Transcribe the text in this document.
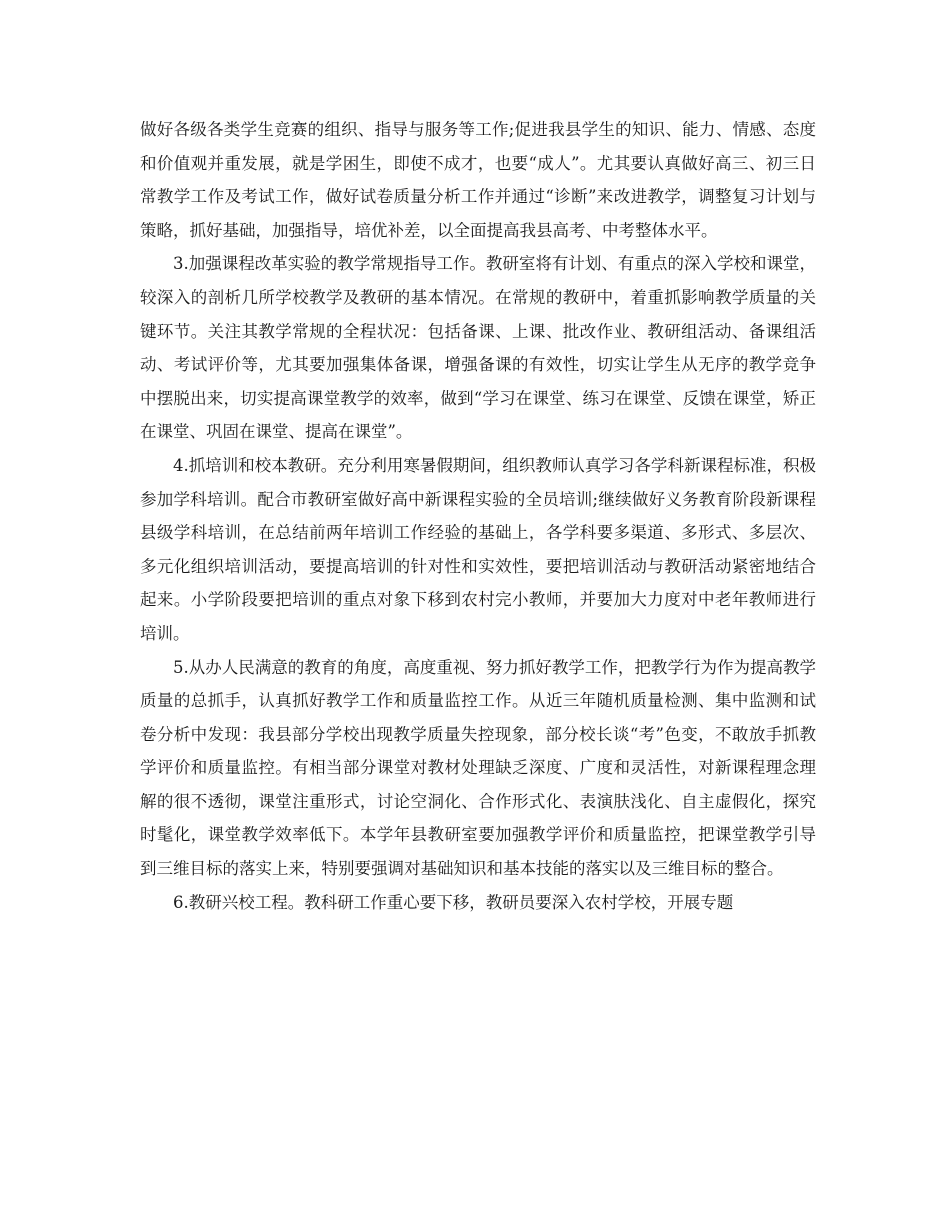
做好各级各类学生竞赛的组织、指导与服务等工作;促进我县学生的知识、能力、情感、态度和价值观并重发展，就是学困生，即使不成才，也要“成人”。尤其要认真做好高三、初三日常教学工作及考试工作，做好试卷质量分析工作并通过“诊断”来改进教学，调整复习计划与策略，抓好基础，加强指导，培优补差，以全面提高我县高考、中考整体水平。

3.加强课程改革实验的教学常规指导工作。教研室将有计划、有重点的深入学校和课堂，较深入的剖析几所学校教学及教研的基本情况。在常规的教研中，着重抓影响教学质量的关键环节。关注其教学常规的全程状况：包括备课、上课、批改作业、教研组活动、备课组活动、考试评价等，尤其要加强集体备课，增强备课的有效性，切实让学生从无序的教学竞争中摆脱出来，切实提高课堂教学的效率，做到“学习在课堂、练习在课堂、反馈在课堂，矫正在课堂、巩固在课堂、提高在课堂”。

4.抓培训和校本教研。充分利用寒暑假期间，组织教师认真学习各学科新课程标准，积极参加学科培训。配合市教研室做好高中新课程实验的全员培训;继续做好义务教育阶段新课程县级学科培训，在总结前两年培训工作经验的基础上，各学科要多渠道、多形式、多层次、多元化组织培训活动，要提高培训的针对性和实效性，要把培训活动与教研活动紧密地结合起来。小学阶段要把培训的重点对象下移到农村完小教师，并要加大力度对中老年教师进行培训。

5.从办人民满意的教育的角度，高度重视、努力抓好教学工作，把教学行为作为提高教学质量的总抓手，认真抓好教学工作和质量监控工作。从近三年随机质量检测、集中监测和试卷分析中发现：我县部分学校出现教学质量失控现象，部分校长谈“考”色变，不敢放手抓教学评价和质量监控。有相当部分课堂对教材处理缺乏深度、广度和灵活性，对新课程理念理解的很不透彻，课堂注重形式，讨论空洞化、合作形式化、表演肤浅化、自主虚假化，探究时髦化，课堂教学效率低下。本学年县教研室要加强教学评价和质量监控，把课堂教学引导到三维目标的落实上来，特别要强调对基础知识和基本技能的落实以及三维目标的整合。

6.教研兴校工程。教科研工作重心要下移，教研员要深入农村学校，开展专题
